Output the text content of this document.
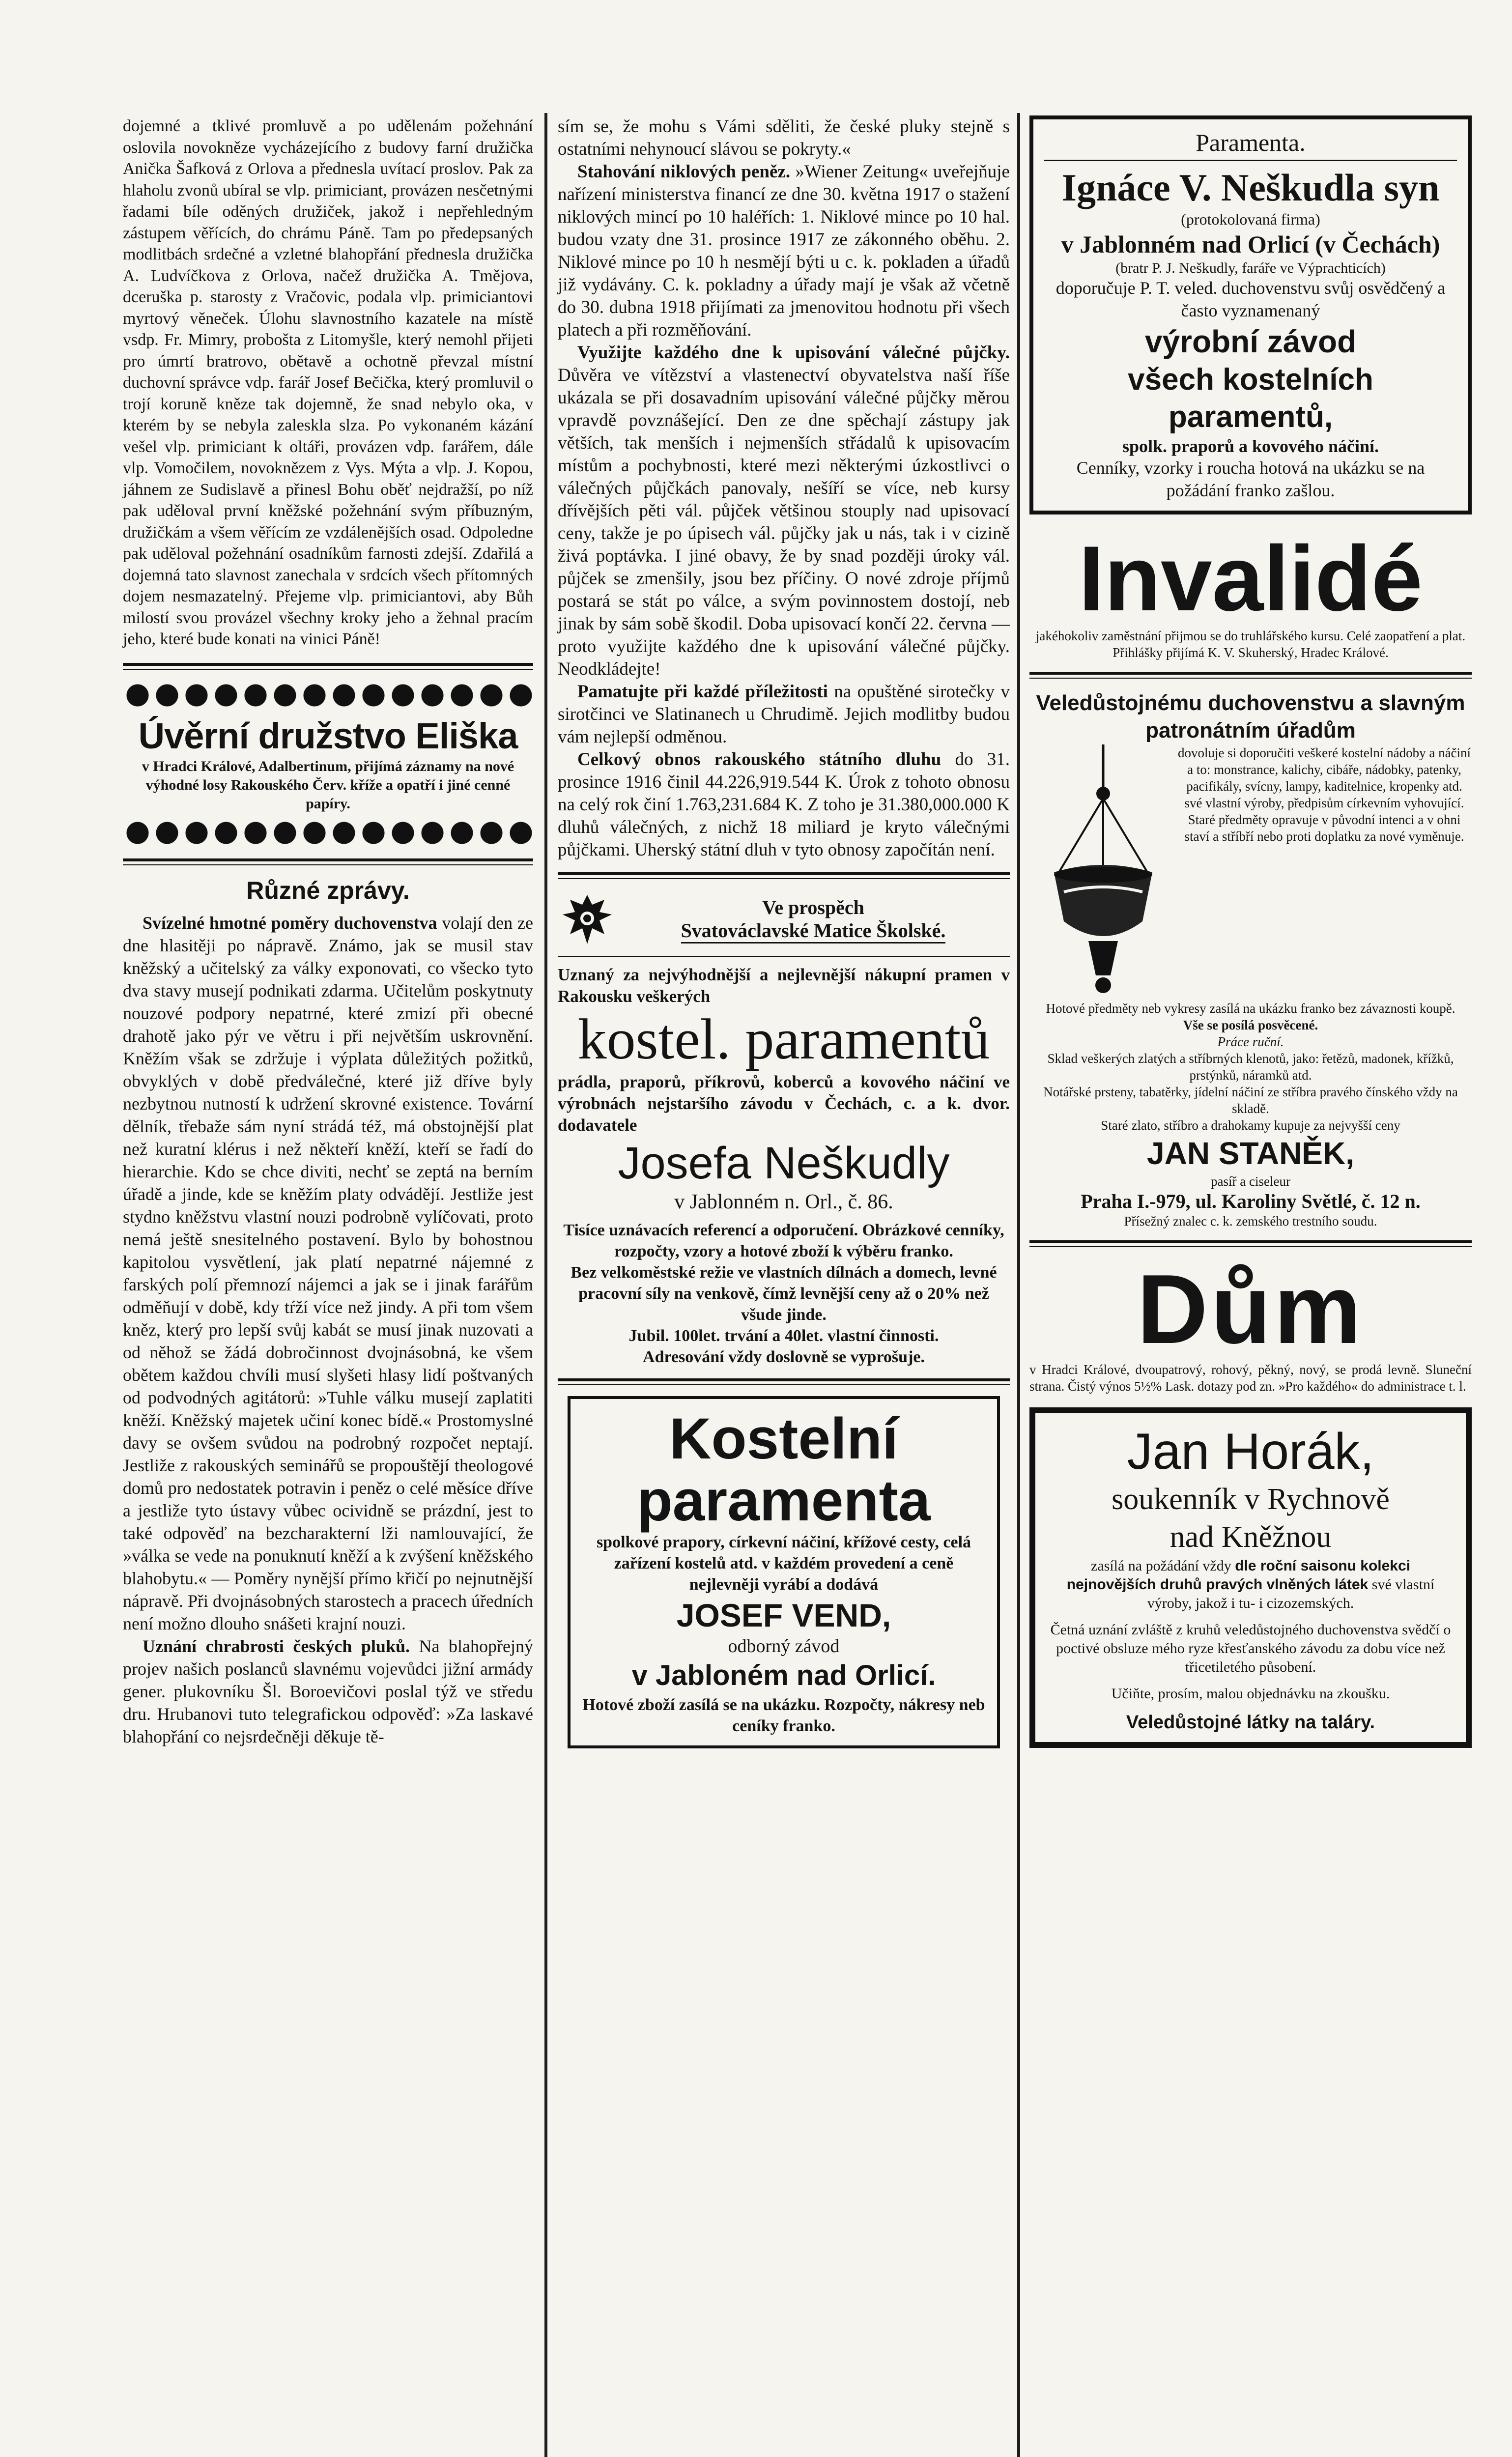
dojemné a tklivé promluvě a po udělenám požehnání oslovila novokněze vycházejícího z budovy farní družička Anička Šafková z Orlova a přednesla uvítací proslov. Pak za hlaholu zvonů ubíral se vlp. primiciant, provázen nesčetnými řadami bíle oděných družiček, jakož i nepřehledným zástupem věřících, do chrámu Páně. Tam po předepsaných modlitbách srdečné a vzletné blahopřání přednesla družička A. Ludvíčkova z Orlova, načež družička A. Tmějova, dceruška p. starosty z Vračovic, podala vlp. primiciantovi myrtový věneček. Úlohu slavnostního kazatele na místě vsdp. Fr. Mimry, probošta z Litomyšle, který nemohl přijeti pro úmrtí bratrovo, obětavě a ochotně převzal místní duchovní správce vdp. farář Josef Bečička, který promluvil o trojí koruně kněze tak dojemně, že snad nebylo oka, v kterém by se nebyla zaleskla slza. Po vykonaném kázání vešel vlp. primiciant k oltáři, provázen vdp. farářem, dále vlp. Vomočilem, novoknězem z Vys. Mýta a vlp. J. Kopou, jáhnem ze Sudislavě a přinesl Bohu oběť nejdražší, po níž pak uděloval první kněžské požehnání svým příbuzným, družičkám a všem věřícím ze vzdálenějších osad. Odpoledne pak uděloval požehnání osadníkům farnosti zdejší. Zdařilá a dojemná tato slavnost zanechala v srdcích všech přítomných dojem nesmazatelný. Přejeme vlp. primiciantovi, aby Bůh milostí svou provázel všechny kroky jeho a žehnal pracím jeho, které bude konati na vinici Páně!

Úvěrní družstvo Eliška
v Hradci Králové, Adalbertinum, přijímá záznamy na nové výhodné losy Rakouského Červ. kříže a opatří i jiné cenné papíry.
Různé zprávy.

Svízelné hmotné poměry duchovenstva volají den ze dne hlasitěji po nápravě. Známo, jak se musil stav kněžský a učitelský za války exponovati, co všecko tyto dva stavy musejí podnikati zdarma. Učitelům poskytnuty nouzové podpory nepatrné, které zmizí při obecné drahotě jako pýr ve větru i při největším uskrovnění. Kněžím však se zdržuje i výplata důležitých požitků, obvyklých v době předválečné, které již dříve byly nezbytnou nutností k udržení skrovné existence. Tovární dělník, třebaže sám nyní strádá též, má obstojnější plat než kuratní klérus i než někteří kněží, kteří se řadí do hierarchie. Kdo se chce diviti, nechť se zeptá na berním úřadě a jinde, kde se kněžím platy odvádějí. Jestliže jest stydno kněžstvu vlastní nouzi podrobně vylíčovati, proto nemá ještě snesitelného postavení. Bylo by bohostnou kapitolou vysvětlení, jak platí nepatrné nájemné z farských polí přemnozí nájemci a jak se i jinak farářům odměňují v době, kdy tŕží více než jindy. A při tom všem kněz, který pro lepší svůj kabát se musí jinak nuzovati a od něhož se žádá dobročinnost dvojnásobná, ke všem obětem každou chvíli musí slyšeti hlasy lidí poštvaných od podvodných agitátorů: »Tuhle válku musejí zaplatiti kněží. Kněžský majetek učiní konec bídě.« Prostomyslné davy se ovšem svůdou na podrobný rozpočet neptají. Jestliže z rakouských seminářů se propouštějí theologové domů pro nedostatek potravin i peněz o celé měsíce dříve a jestliže tyto ústavy vůbec ocividně se prázdní, jest to také odpověď na bezcharakterní lži namlouvající, že »válka se vede na ponuknutí kněží a k zvýšení kněžského blahobytu.« — Poměry nynější přímo křičí po nejnutnější nápravě. Při dvojnásobných starostech a pracech úředních není možno dlouho snášeti krajní nouzi.

Uznání chrabrosti českých pluků. Na blahopřejný projev našich poslanců slavnému vojevůdci jižní armády gener. plukovníku Šl. Boroevičovi poslal týž ve středu dru. Hrubanovi tuto telegrafickou odpověď: »Za laskavé blahopřání co nejsrdečněji děkuje tě-

sím se, že mohu s Vámi sděliti, že české pluky stejně s ostatními nehynoucí slávou se pokryty.«

Stahování niklových peněz. »Wiener Zeitung« uveřejňuje nařízení ministerstva financí ze dne 30. května 1917 o stažení niklových mincí po 10 haléřích: 1. Niklové mince po 10 hal. budou vzaty dne 31. prosince 1917 ze zákonného oběhu. 2. Niklové mince po 10 h nesmějí býti u c. k. pokladen a úřadů již vydávány. C. k. pokladny a úřady mají je však až včetně do 30. dubna 1918 přijímati za jmenovitou hodnotu při všech platech a při rozměňování.

Využijte každého dne k upisování válečné půjčky. Důvěra ve vítězství a vlastenectví obyvatelstva naší říše ukázala se při dosavadním upisování válečné půjčky měrou vpravdě povznášející. Den ze dne spěchají zástupy jak větších, tak menších i nejmenších střádalů k upisovacím místům a pochybnosti, které mezi některými úzkostlivci o válečných půjčkách panovaly, nešíří se více, neb kursy dřívějších pěti vál. půjček většinou stouply nad upisovací ceny, takže je po úpisech vál. půjčky jak u nás, tak i v cizině živá poptávka. I jiné obavy, že by snad později úroky vál. půjček se zmenšily, jsou bez příčiny. O nové zdroje příjmů postará se stát po válce, a svým povinnostem dostojí, neb jinak by sám sobě škodil. Doba upisovací končí 22. června — proto využijte každého dne k upisování válečné půjčky. Neodkládejte!

Pamatujte při každé příležitosti na opuštěné sirotečky v sirotčinci ve Slatinanech u Chrudimě. Jejich modlitby budou vám nejlepší odměnou.

Celkový obnos rakouského státního dluhu do 31. prosince 1916 činil 44.226,919.544 K. Úrok z tohoto obnosu na celý rok činí 1.763,231.684 K. Z toho je 31.380,000.000 K dluhů válečných, z nichž 18 miliard je kryto válečnými půjčkami. Uherský státní dluh v tyto obnosy započítán není.

Ve prospěch
Svatováclavské Matice Školské.
Uznaný za nejvýhodnější a nejlevnější nákupní pramen v Rakousku veškerých
kostel. paramentů
prádla, praporů, příkrovů, koberců a kovového náčiní ve výrobnách nejstaršího závodu v Čechách, c. a k. dvor. dodavatele
Josefa Neškudly
v Jablonném n. Orl., č. 86.
Tisíce uznávacích referencí a odporučení. Obrázkové cenníky, rozpočty, vzory a hotové zboží k výběru franko.
Bez velkoměstské režie ve vlastních dílnách a domech, levné pracovní síly na venkově, čímž levnější ceny až o 20% než všude jinde.
Jubil. 100let. trvání a 40let. vlastní činnosti.
Adresování vždy doslovně se vyprošuje.
Kostelní
paramenta
spolkové prapory, církevní náčiní, křížové cesty, celá zařízení kostelů atd. v každém provedení a ceně nejlevněji vyrábí a dodává
JOSEF VEND,
odborný závod
v Jabloném nad Orlicí.
Hotové zboží zasílá se na ukázku. Rozpočty, nákresy neb ceníky franko.
Paramenta.
Ignáce V. Neškudla syn
(protokolovaná firma)
v Jablonném nad Orlicí (v Čechách)
(bratr P. J. Neškudly, faráře ve Výprachticích)
doporučuje P. T. veled. duchovenstvu svůj osvědčený a často vyznamenaný
výrobní závod
všech kostelních paramentů,
spolk. praporů a kovového náčiní.
Cenníky, vzorky i roucha hotová na ukázku se na požádání franko zašlou.
Invalidé
jakéhokoliv zaměstnání přijmou se do truhlářského kursu. Celé zaopatření a plat. Přihlášky přijímá K. V. Skuherský, Hradec Králové.
Veledůstojnému duchovenstvu a slavným patronátním úřadům
dovoluje si doporučiti veškeré kostelní nádoby a náčiní a to: monstrance, kalichy, cibáře, nádobky, patenky, pacifikály, svícny, lampy, kaditelnice, kropenky atd. své vlastní výroby, předpisům církevním vyhovující. Staré předměty opravuje v původní intenci a v ohni staví a stříbří nebo proti doplatku za nové vyměnuje.
Hotové předměty neb vykresy zasílá na ukázku franko bez závaznosti koupě.
Vše se posílá posvěcené.
Práce ruční.
Sklad veškerých zlatých a stříbrných klenotů, jako: řetězů, madonek, křížků, prstýnků, náramků atd.
Notářské prsteny, tabatěrky, jídelní náčiní ze stříbra pravého čínského vždy na skladě.
Staré zlato, stříbro a drahokamy kupuje za nejvyšší ceny
JAN STANĚK,
pasíř a ciseleur
Praha I.-979, ul. Karoliny Světlé, č. 12 n.
Přísežný znalec c. k. zemského trestního soudu.
Dům
v Hradci Králové, dvoupatrový, rohový, pěkný, nový, se prodá levně. Sluneční strana. Čistý výnos 5½% Lask. dotazy pod zn. »Pro každého« do administrace t. l.
Jan Horák,
soukenník v Rychnově
nad Kněžnou
zasílá na požádání vždy dle roční saisonu kolekci nejnovějších druhů pravých vlněných látek své vlastní výroby, jakož i tu- i cizozemských.
Četná uznání zvláště z kruhů veledůstojného duchovenstva svědčí o poctivé obsluze mého ryze křesťanského závodu za dobu více než třicetiletého působení.
Učiňte, prosím, malou objednávku na zkoušku.
Veledůstojné látky na taláry.
